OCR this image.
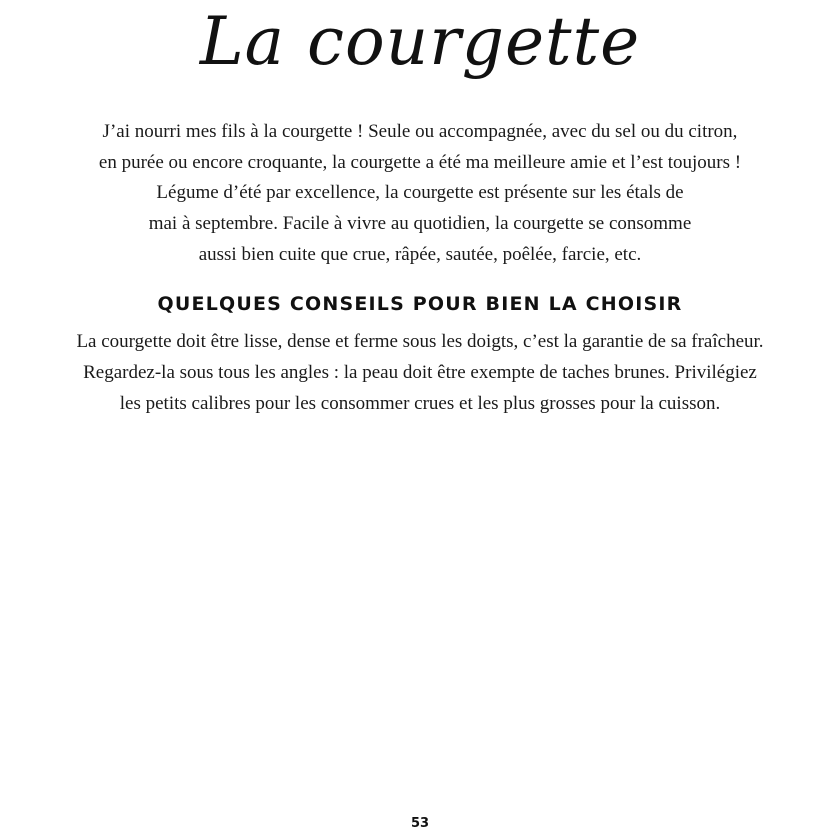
La courgette

J’ai nourri mes fils à la courgette ! Seule ou accompagnée, avec du sel ou du citron,
en purée ou encore croquante, la courgette a été ma meilleure amie et l’est toujours !

Légume d’été par excellence, la courgette est présente sur les étals de
mai à septembre. Facile à vivre au quotidien, la courgette se consomme
aussi bien cuite que crue, râpée, sautée, poêlée, farcie, etc.

QUELQUES CONSEILS POUR BIEN LA CHOISIR

La courgette doit être lisse, dense et ferme sous les doigts, c’est la garantie de sa fraîcheur.
Regardez-la sous tous les angles : la peau doit être exempte de taches brunes. Privilégiez
les petits calibres pour les consommer crues et les plus grosses pour la cuisson.

53
